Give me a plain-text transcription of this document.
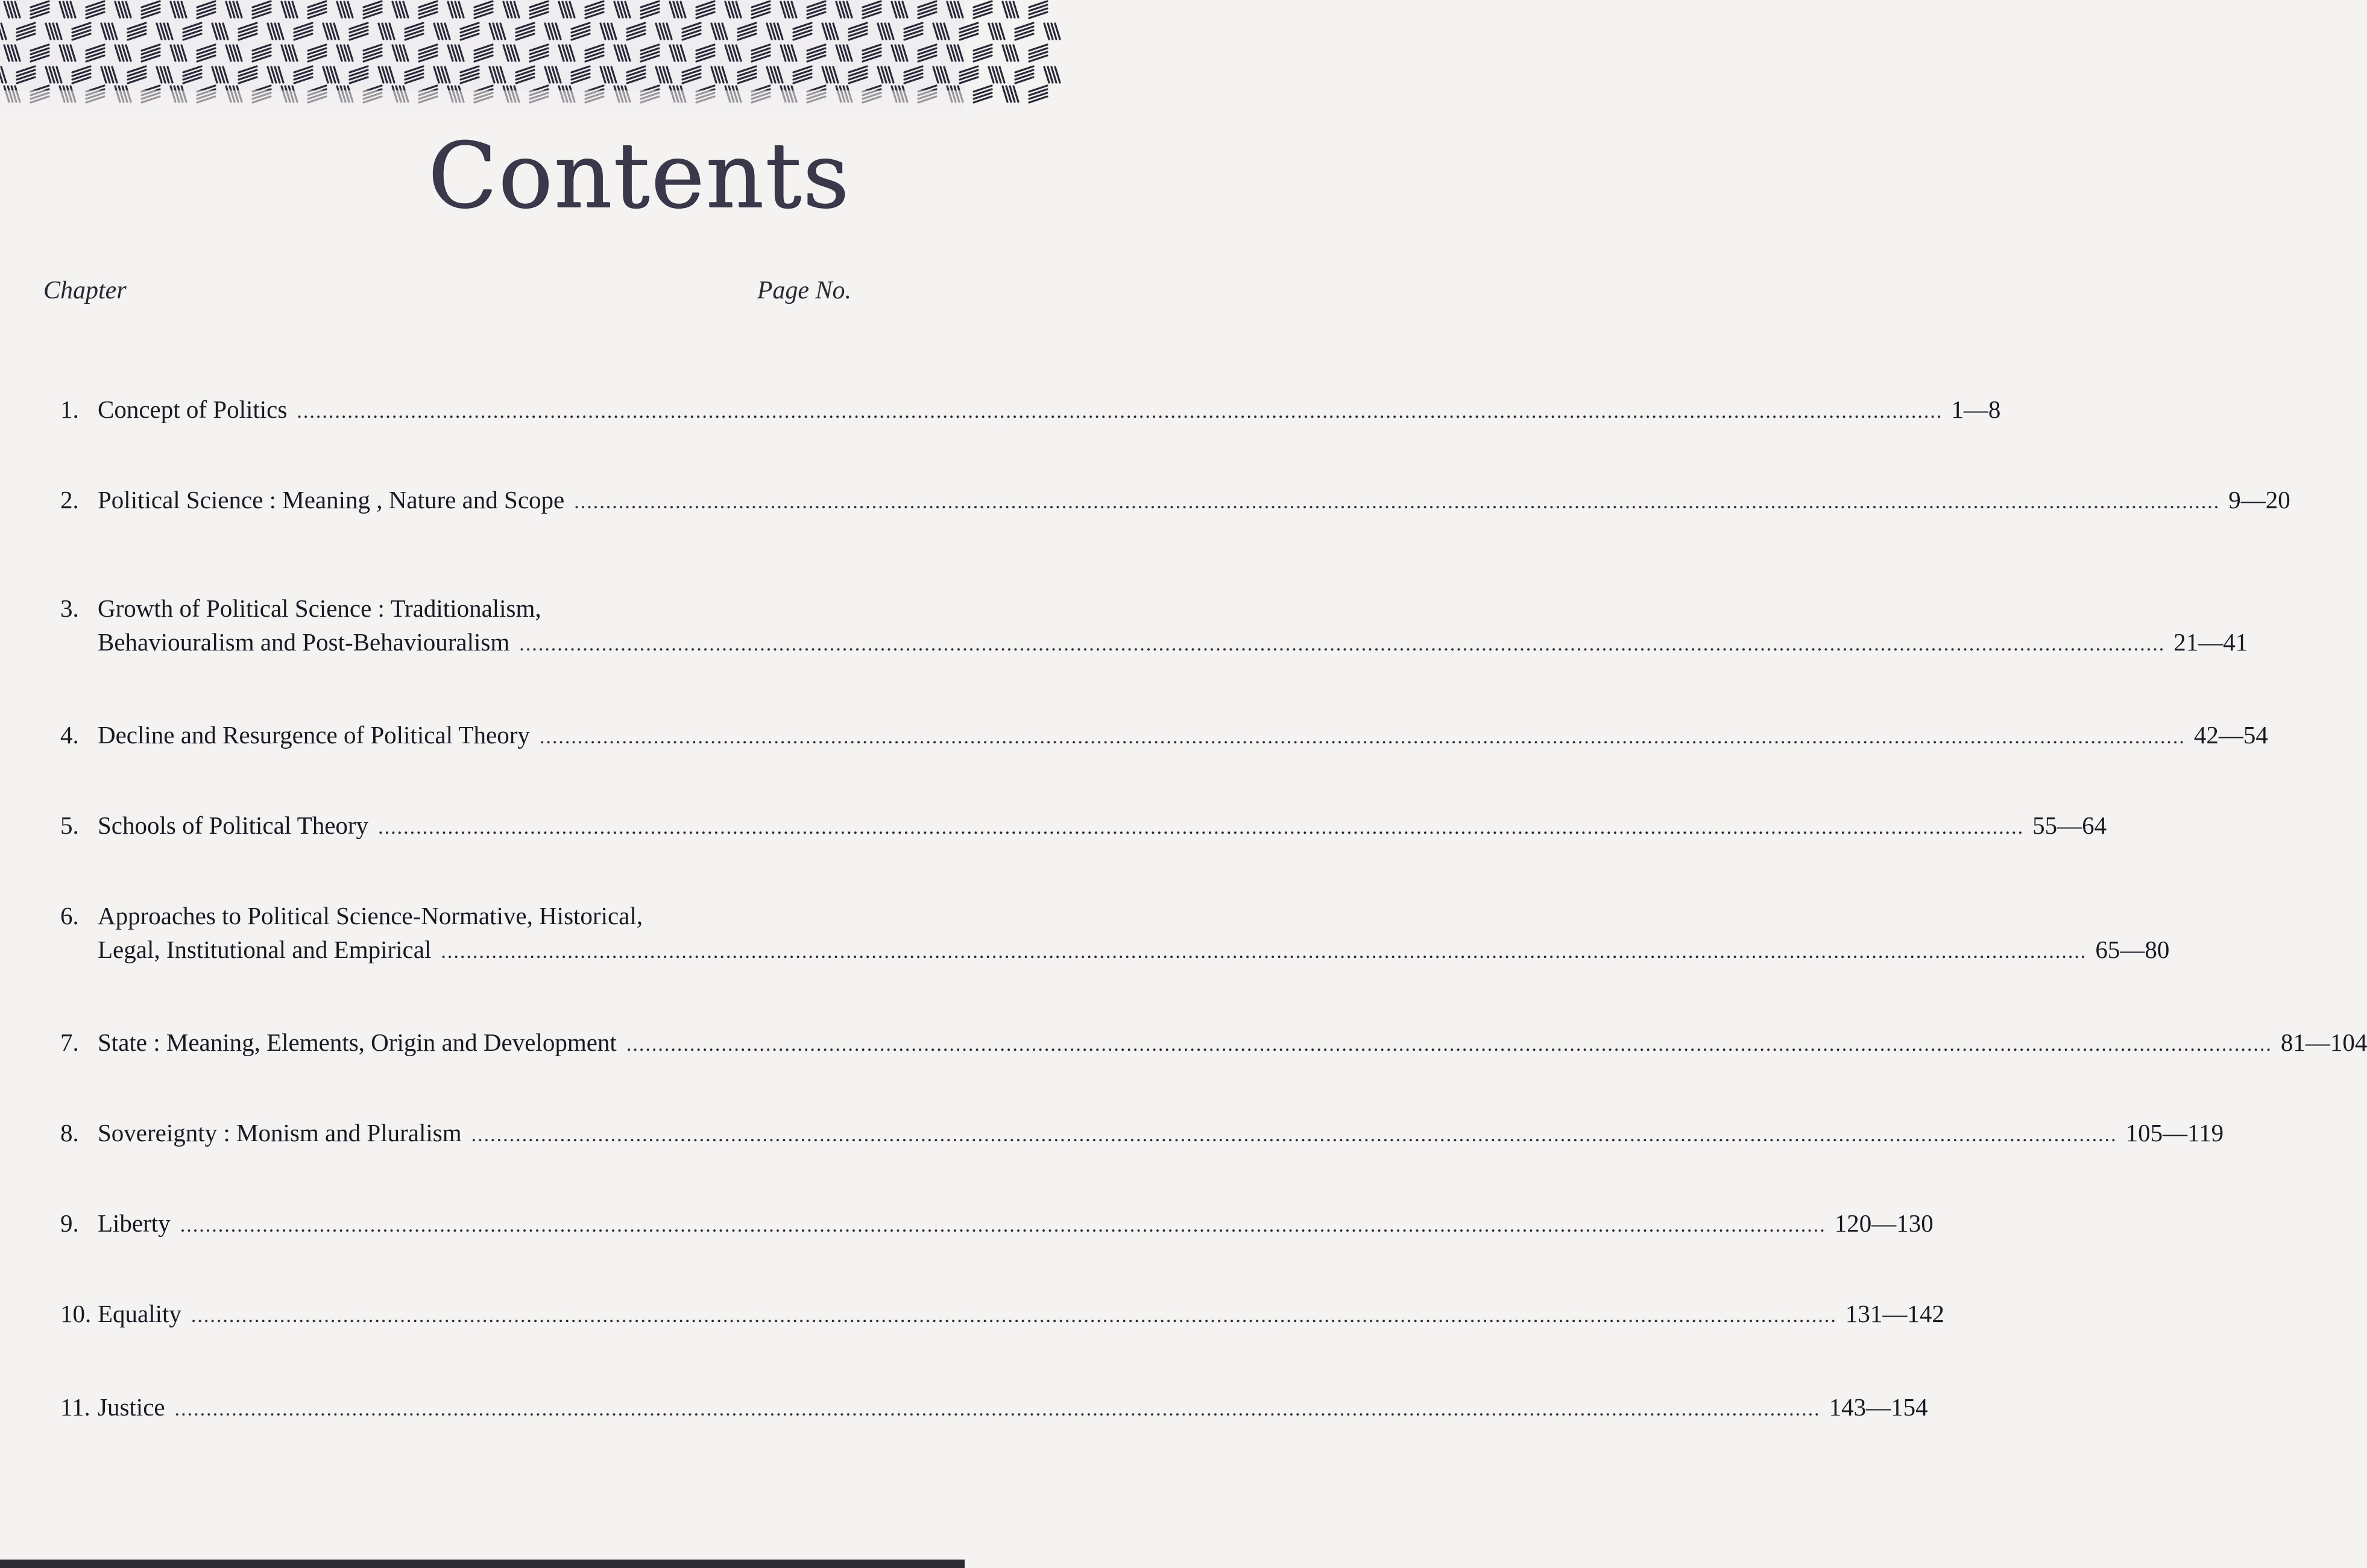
Contents
Chapter	Page No.
1. Concept of Politics .................................................................................................................................................................................................................................................................... 1—8
2. Political Science : Meaning , Nature and Scope .................................................................................................................................................................................................................................................................... 9—20
3. Growth of Political Science : Traditionalism,
Behaviouralism and Post-Behaviouralism .................................................................................................................................................................................................................................................................... 21—41
4. Decline and Resurgence of Political Theory .................................................................................................................................................................................................................................................................... 42—54
5. Schools of Political Theory .................................................................................................................................................................................................................................................................... 55—64
6. Approaches to Political Science-Normative, Historical,
Legal, Institutional and Empirical .................................................................................................................................................................................................................................................................... 65—80
7. State : Meaning, Elements, Origin and Development .................................................................................................................................................................................................................................................................... 81—104
8. Sovereignty : Monism and Pluralism .................................................................................................................................................................................................................................................................... 105—119
9. Liberty .................................................................................................................................................................................................................................................................... 120—130
10. Equality .................................................................................................................................................................................................................................................................... 131—142
11. Justice .................................................................................................................................................................................................................................................................... 143—154
